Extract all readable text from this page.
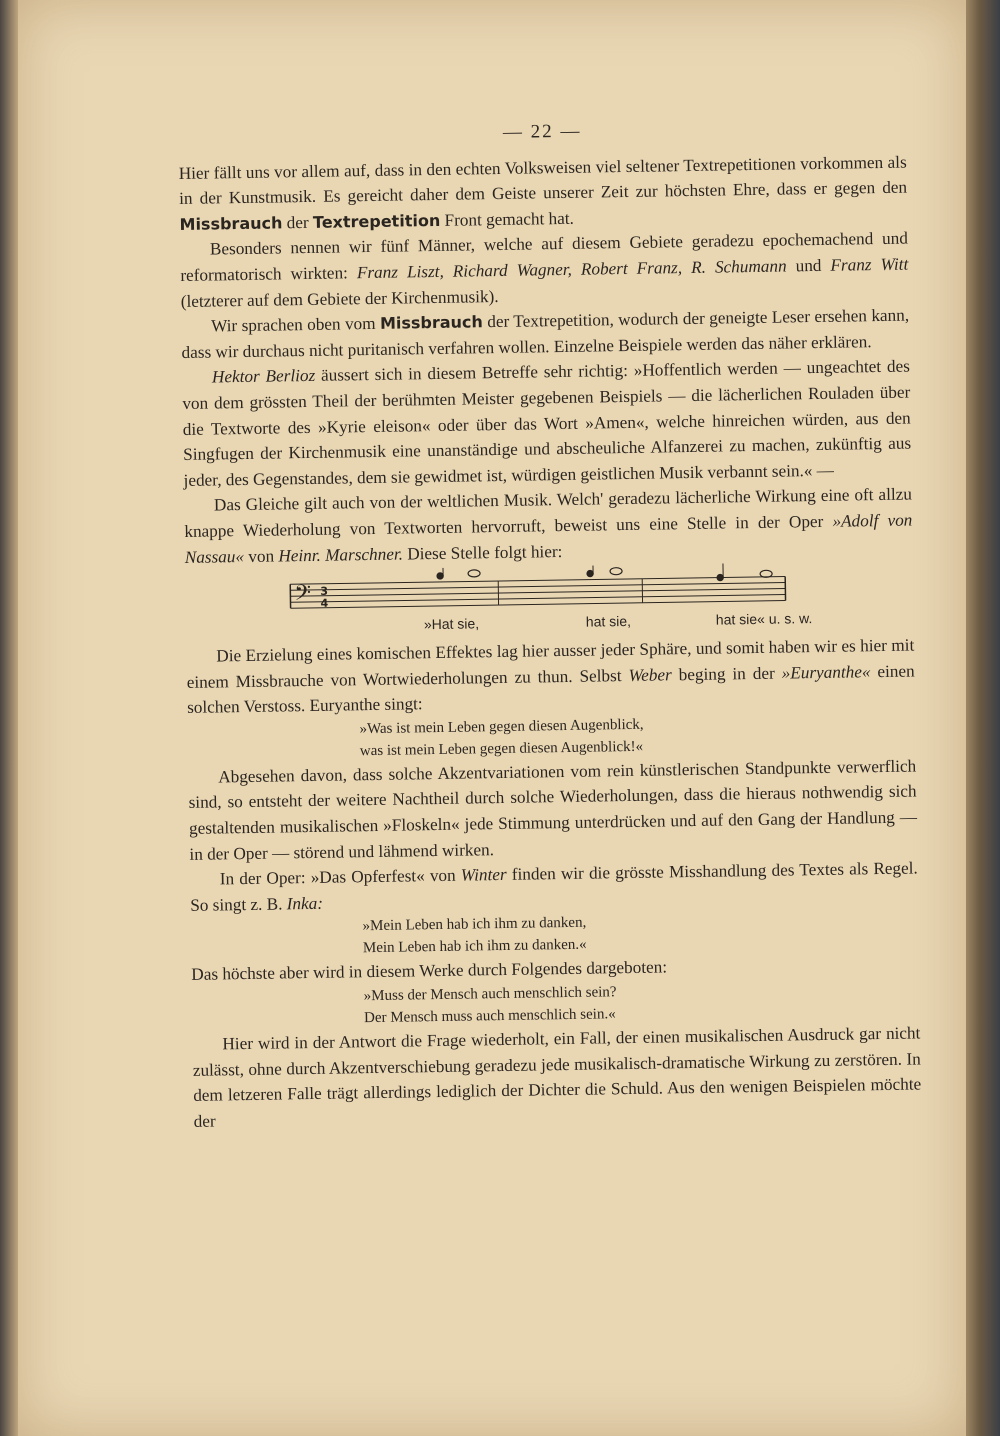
— 22 —

Hier fällt uns vor allem auf, dass in den echten Volksweisen viel seltener Textrepetitionen vorkommen als in der Kunstmusik. Es gereicht daher dem Geiste unserer Zeit zur höchsten Ehre, dass er gegen den Missbrauch der Textrepetition Front gemacht hat.

Besonders nennen wir fünf Männer, welche auf diesem Gebiete geradezu epochemachend und reformatorisch wirkten: Franz Liszt, Richard Wagner, Robert Franz, R. Schumann und Franz Witt (letzterer auf dem Gebiete der Kirchenmusik).

Wir sprachen oben vom Missbrauch der Textrepetition, wodurch der geneigte Leser ersehen kann, dass wir durchaus nicht puritanisch verfahren wollen. Einzelne Beispiele werden das näher erklären.

Hektor Berlioz äussert sich in diesem Betreffe sehr richtig: »Hoffentlich werden — ungeachtet des von dem grössten Theil der berühmten Meister gegebenen Beispiels — die lächerlichen Rouladen über die Textworte des »Kyrie eleison« oder über das Wort »Amen«, welche hinreichen würden, aus den Singfugen der Kirchenmusik eine unanständige und abscheuliche Alfanzerei zu machen, zukünftig aus jeder, des Gegenstandes, dem sie gewidmet ist, würdigen geistlichen Musik verbannt sein.« —

Das Gleiche gilt auch von der weltlichen Musik. Welch' geradezu lächerliche Wirkung eine oft allzu knappe Wiederholung von Textworten hervorruft, beweist uns eine Stelle in der Oper »Adolf von Nassau« von Heinr. Marschner. Diese Stelle folgt hier:

𝄢 3
4
»Hat sie,	hat sie,	hat sie« u. s. w.

Die Erzielung eines komischen Effektes lag hier ausser jeder Sphäre, und somit haben wir es hier mit einem Missbrauche von Wortwiederholungen zu thun. Selbst Weber beging in der »Euryanthe« einen solchen Verstoss. Euryanthe singt:

»Was ist mein Leben gegen diesen Augenblick,
was ist mein Leben gegen diesen Augenblick!«

Abgesehen davon, dass solche Akzentvariationen vom rein künstlerischen Standpunkte verwerflich sind, so entsteht der weitere Nachtheil durch solche Wiederholungen, dass die hieraus nothwendig sich gestaltenden musikalischen »Floskeln« jede Stimmung unterdrücken und auf den Gang der Handlung — in der Oper — störend und lähmend wirken.

In der Oper: »Das Opferfest« von Winter finden wir die grösste Misshandlung des Textes als Regel. So singt z. B. Inka:

»Mein Leben hab ich ihm zu danken,
Mein Leben hab ich ihm zu danken.«

Das höchste aber wird in diesem Werke durch Folgendes dargeboten:

»Muss der Mensch auch menschlich sein?
Der Mensch muss auch menschlich sein.«

Hier wird in der Antwort die Frage wiederholt, ein Fall, der einen musikalischen Ausdruck gar nicht zulässt, ohne durch Akzentverschiebung geradezu jede musikalisch-dramatische Wirkung zu zerstören. In dem letzeren Falle trägt allerdings lediglich der Dichter die Schuld. Aus den wenigen Beispielen möchte der
